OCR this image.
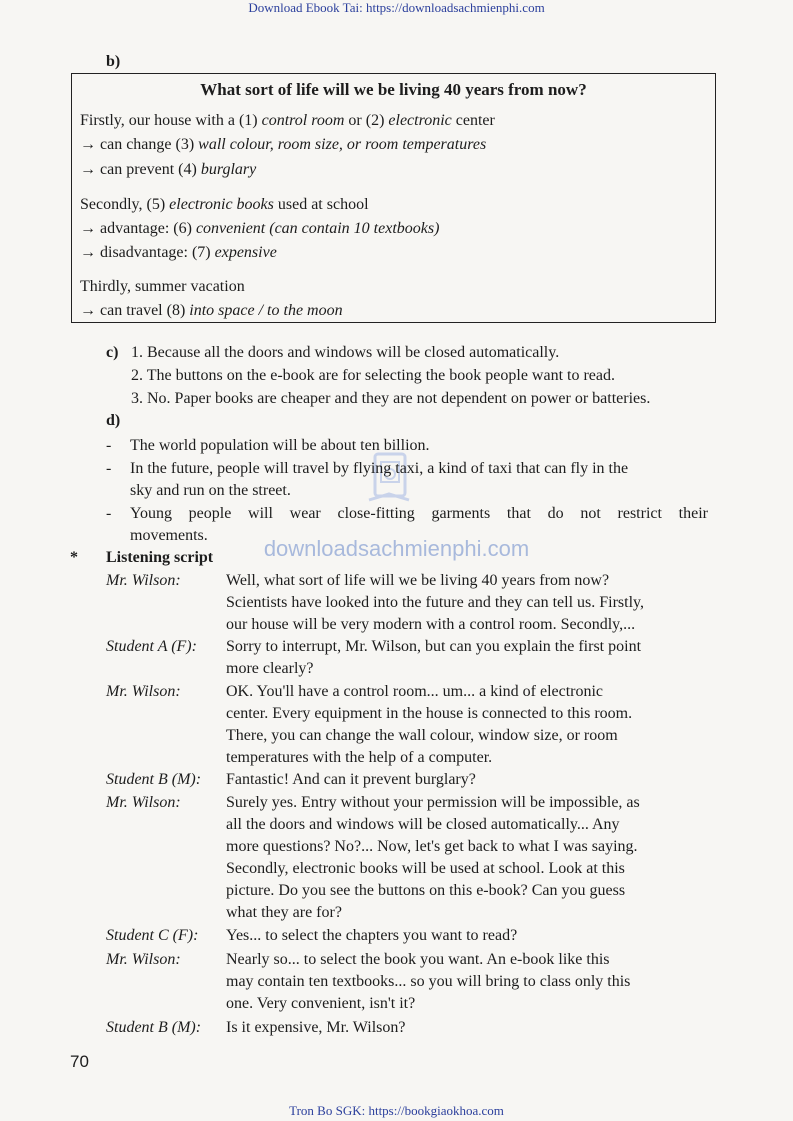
Download Ebook Tai: https://downloadsachmienphi.com
Tron Bo SGK: https://bookgiaokhoa.com
downloadsachmienphi.com
b)
What sort of life will we be living 40 years from now?
Firstly, our house with a (1) control room or (2) electronic center
→ can change (3) wall colour, room size, or room temperatures
→ can prevent (4) burglary
Secondly, (5) electronic books used at school
→ advantage: (6) convenient (can contain 10 textbooks)
→ disadvantage: (7) expensive
Thirdly, summer vacation
→ can travel (8) into space / to the moon
c) 1. Because all the doors and windows will be closed automatically.
2. The buttons on the e-book are for selecting the book people want to read.
3. No. Paper books are cheaper and they are not dependent on power or batteries.
d)
- The world population will be about ten billion.
- In the future, people will travel by flying taxi, a kind of taxi that can fly in the
sky and run on the street.
- Young people will wear close-fitting garments that do not restrict their
movements.
* Listening script
Mr. Wilson:	Well, what sort of life will we be living 40 years from now?
Scientists have looked into the future and they can tell us. Firstly,
our house will be very modern with a control room. Secondly,...
Student A (F): Sorry to interrupt, Mr. Wilson, but can you explain the first point
more clearly?
Mr. Wilson:	OK. You'll have a control room... um... a kind of electronic
center. Every equipment in the house is connected to this room.
There, you can change the wall colour, window size, or room
temperatures with the help of a computer.
Student B (M): Fantastic! And can it prevent burglary?
Mr. Wilson:	Surely yes. Entry without your permission will be impossible, as
all the doors and windows will be closed automatically... Any
more questions? No?... Now, let's get back to what I was saying.
Secondly, electronic books will be used at school. Look at this
picture. Do you see the buttons on this e-book? Can you guess
what they are for?
Student C (F): Yes... to select the chapters you want to read?
Mr. Wilson:	Nearly so... to select the book you want. An e-book like this
may contain ten textbooks... so you will bring to class only this
one. Very convenient, isn't it?
Student B (M): Is it expensive, Mr. Wilson?
70
